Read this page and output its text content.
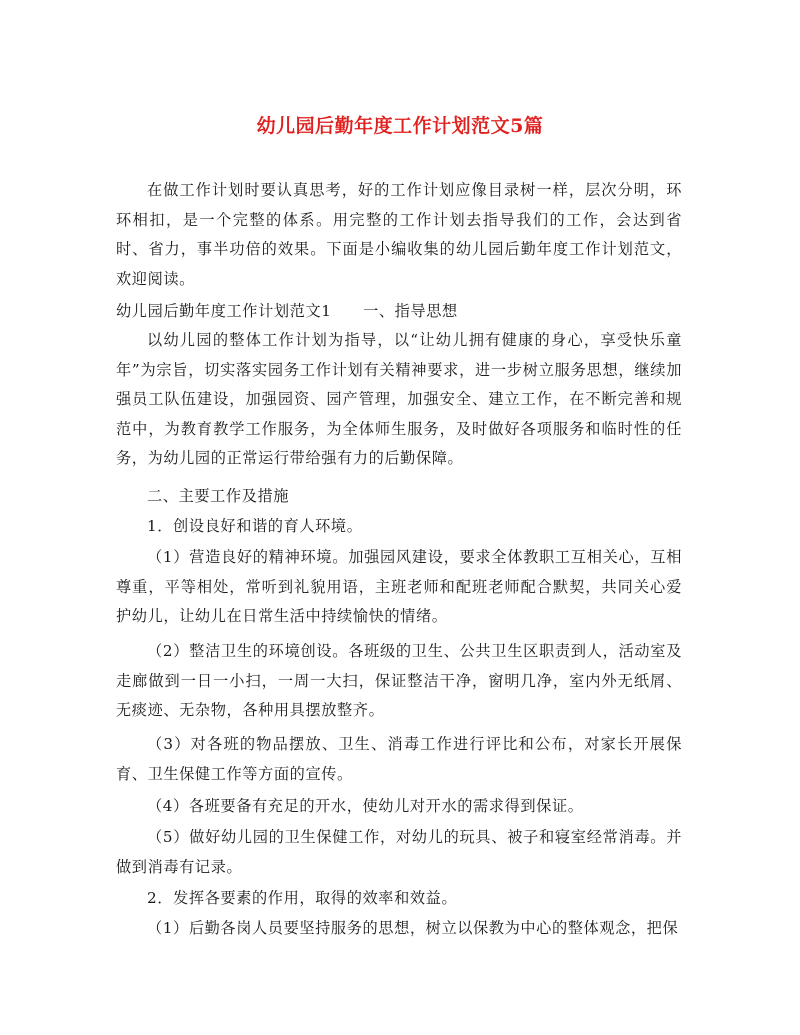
幼儿园后勤年度工作计划范文5篇

在做工作计划时要认真思考，好的工作计划应像目录树一样，层次分明，环环相扣，是一个完整的体系。用完整的工作计划去指导我们的工作，会达到省时、省力，事半功倍的效果。下面是小编收集的幼儿园后勤年度工作计划范文，欢迎阅读。

幼儿园后勤年度工作计划范文1　　一、指导思想

以幼儿园的整体工作计划为指导，以“让幼儿拥有健康的身心，享受快乐童年”为宗旨，切实落实园务工作计划有关精神要求，进一步树立服务思想，继续加强员工队伍建设，加强园资、园产管理，加强安全、建立工作，在不断完善和规范中，为教育教学工作服务，为全体师生服务，及时做好各项服务和临时性的任务，为幼儿园的正常运行带给强有力的后勤保障。

二、主要工作及措施

1．创设良好和谐的育人环境。

（1）营造良好的精神环境。加强园风建设，要求全体教职工互相关心，互相尊重，平等相处，常听到礼貌用语，主班老师和配班老师配合默契，共同关心爱护幼儿，让幼儿在日常生活中持续愉快的情绪。

（2）整洁卫生的环境创设。各班级的卫生、公共卫生区职责到人，活动室及走廊做到一日一小扫，一周一大扫，保证整洁干净，窗明几净，室内外无纸屑、无痰迹、无杂物，各种用具摆放整齐。

（3）对各班的物品摆放、卫生、消毒工作进行评比和公布，对家长开展保育、卫生保健工作等方面的宣传。

（4）各班要备有充足的开水，使幼儿对开水的需求得到保证。

（5）做好幼儿园的卫生保健工作，对幼儿的玩具、被子和寝室经常消毒。并做到消毒有记录。

2．发挥各要素的作用，取得的效率和效益。

（1）后勤各岗人员要坚持服务的思想，树立以保教为中心的整体观念，把保
